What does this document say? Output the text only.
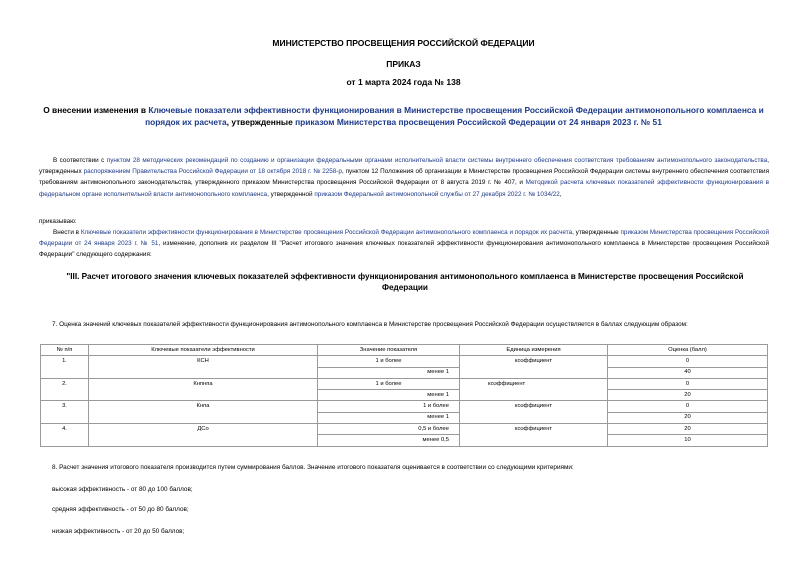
МИНИСТЕРСТВО ПРОСВЕЩЕНИЯ РОССИЙСКОЙ ФЕДЕРАЦИИ
ПРИКАЗ
от 1 марта 2024 года № 138
О внесении изменения в Ключевые показатели эффективности функционирования в Министерстве просвещения Российской Федерации антимонопольного комплаенса и порядок их расчета, утвержденные приказом Министерства просвещения Российской Федерации от 24 января 2023 г. № 51
В соответствии с пунктом 28 методических рекомендаций по созданию и организации федеральными органами исполнительной власти системы внутреннего обеспечения соответствия требованиям антимонопольного законодательства, утвержденных распоряжением Правительства Российской Федерации от 18 октября 2018 г. № 2258-р, пунктом 12 Положения об организации в Министерстве просвещения Российской Федерации системы внутреннего обеспечения соответствия требованиям антимонопольного законодательства, утвержденного приказом Министерства просвещения Российской Федерации от 8 августа 2019 г. № 407, и Методикой расчета ключевых показателей эффективности функционирования в федеральном органе исполнительной власти антимонопольного комплаенса, утвержденной приказом Федеральной антимонопольной службы от 27 декабря 2022 г. № 1034/22,
приказываю:
Внести в Ключевые показатели эффективности функционирования в Министерстве просвещения Российской Федерации антимонопольного комплаенса и порядок их расчета, утвержденные приказом Министерства просвещения Российской Федерации от 24 января 2023 г. № 51, изменение, дополнив их разделом III "Расчет итогового значения ключевых показателей эффективности функционирования антимонопольного комплаенса в Министерстве просвещения Российской Федерации" следующего содержания:
"III. Расчет итогового значения ключевых показателей эффективности функционирования антимонопольного комплаенса в Министерстве просвещения Российской Федерации
7. Оценка значений ключевых показателей эффективности функционирования антимонопольного комплаенса в Министерстве просвещения Российской Федерации осуществляется в баллах следующим образом:
№ п/п	Ключевые показатели эффективности	Значение показателя	Единица измерения	Оценка (балл)
1.	КСН	1 и более	коэффициент	0
		менее 1		40
2.	Кнпнпа	1 и более	коэффициент	0
		менее 1		20
3.	Кнпа	1 и более	коэффициент	0
		менее 1		20
4.	ДСо	0,5 и более	коэффициент	20
		менее 0,5		10
8. Расчет значения итогового показателя производится путем суммирования баллов. Значение итогового показателя оценивается в соответствии со следующими критериями:
высокая эффективность - от 80 до 100 баллов;
средняя эффективность - от 50 до 80 баллов;
низкая эффективность - от 20 до 50 баллов;
